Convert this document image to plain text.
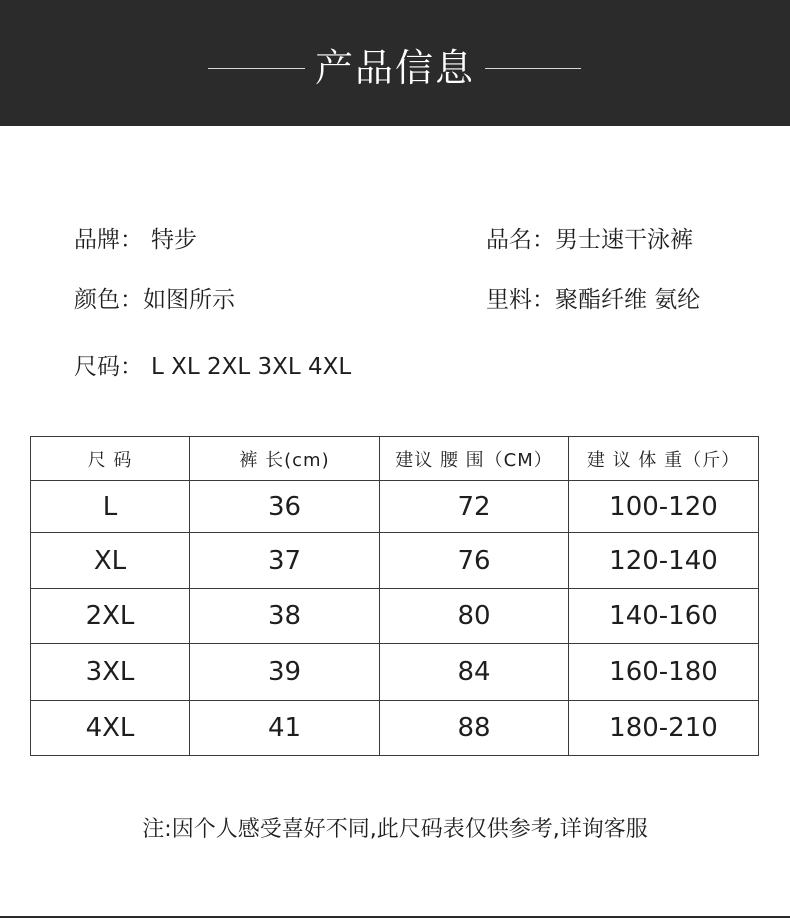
产品信息
品牌： 特步	品名：男士速干泳裤
颜色：如图所示	里料：聚酯纤维 氨纶
尺码： L XL 2XL 3XL 4XL
尺 码	裤 长(cm)	建议 腰 围（CM）	建 议 体 重（斤）
L	36	72	100-120
XL	37	76	120-140
2XL	38	80	140-160
3XL	39	84	160-180
4XL	41	88	180-210
注:因个人感受喜好不同,此尺码表仅供参考,详询客服
